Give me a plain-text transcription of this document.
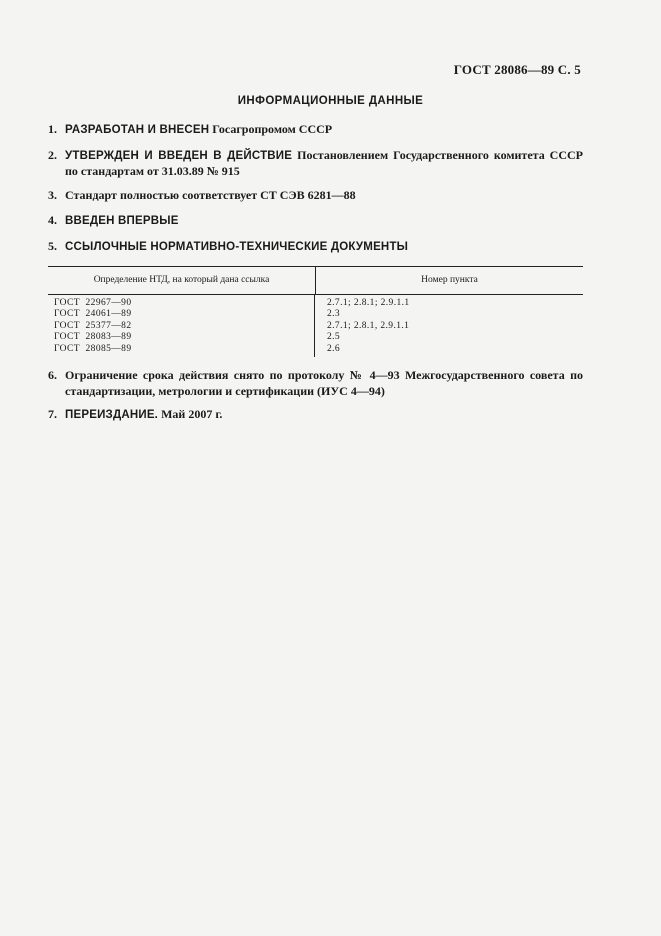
ГОСТ 28086—89 С. 5
ИНФОРМАЦИОННЫЕ ДАННЫЕ
1. РАЗРАБОТАН И ВНЕСЕН Госагропромом СССР
2. УТВЕРЖДЕН И ВВЕДЕН В ДЕЙСТВИЕ Постановлением Государственного комитета СССР по стандартам от 31.03.89 № 915
3. Стандарт полностью соответствует СТ СЭВ 6281—88
4. ВВЕДЕН ВПЕРВЫЕ
5. ССЫЛОЧНЫЕ НОРМАТИВНО-ТЕХНИЧЕСКИЕ ДОКУМЕНТЫ
Определение НТД, на который дана ссылка	Номер пункта
ГОСТ  22967—90
ГОСТ  24061—89
ГОСТ  25377—82
ГОСТ  28083—89
ГОСТ  28085—89
2.7.1; 2.8.1; 2.9.1.1
2.3
2.7.1; 2.8.1, 2.9.1.1
2.5
2.6
6. Ограничение срока действия снято по протоколу № 4—93 Межгосударственного совета по стандартизации, метрологии и сертификации (ИУС 4—94)
7. ПЕРЕИЗДАНИЕ. Май 2007 г.
